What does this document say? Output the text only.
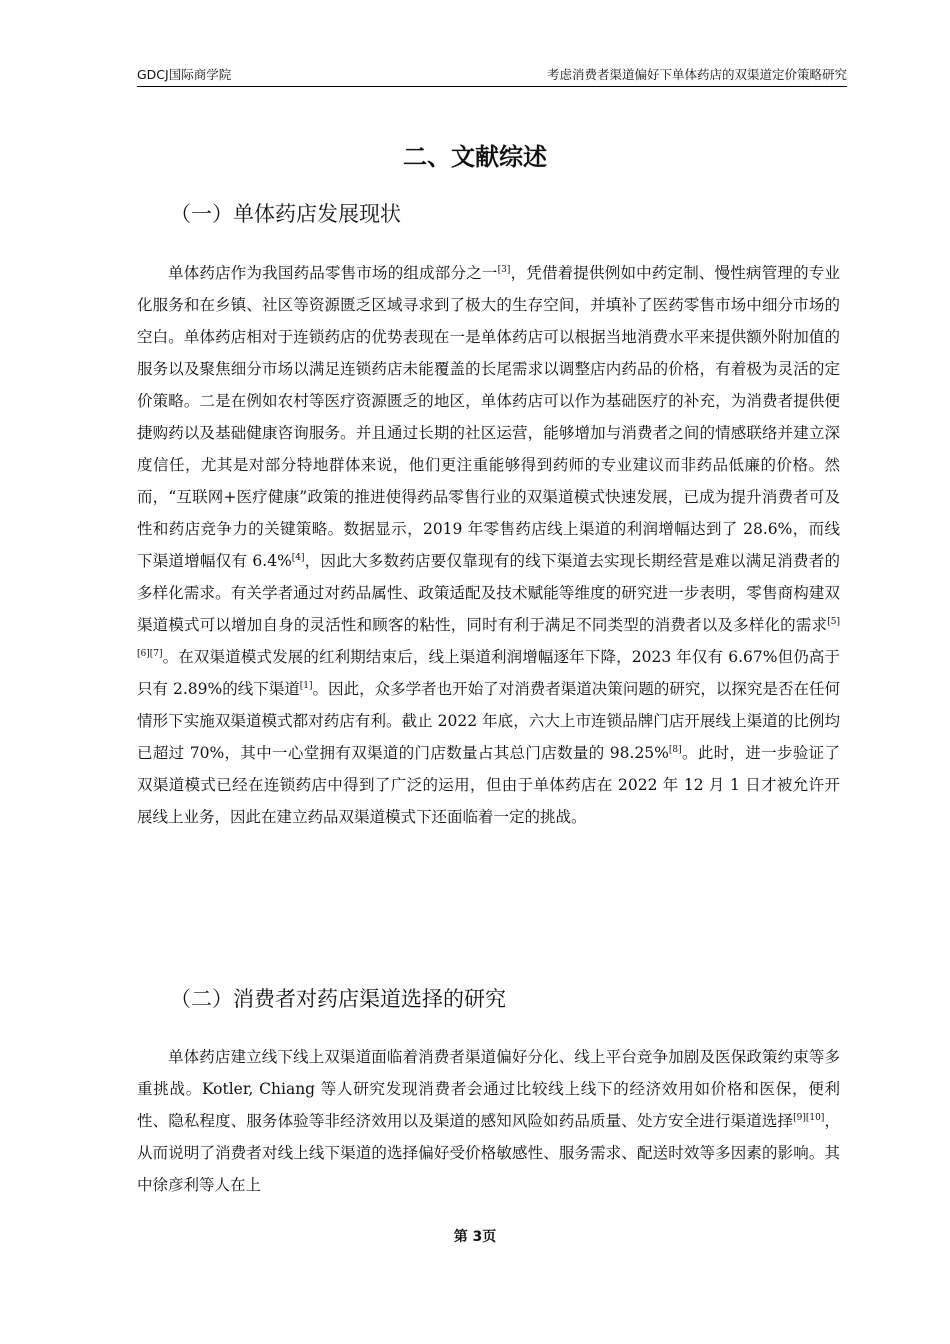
GDCJ国际商学院	考虑消费者渠道偏好下单体药店的双渠道定价策略研究
二、文献综述
（一）单体药店发展现状

单体药店作为我国药品零售市场的组成部分之一[3]，凭借着提供例如中药定制、慢性病管理的专业化服务和在乡镇、社区等资源匮乏区域寻求到了极大的生存空间，并填补了医药零售市场中细分市场的空白。单体药店相对于连锁药店的优势表现在一是单体药店可以根据当地消费水平来提供额外附加值的服务以及聚焦细分市场以满足连锁药店未能覆盖的长尾需求以调整店内药品的价格，有着极为灵活的定价策略。二是在例如农村等医疗资源匮乏的地区，单体药店可以作为基础医疗的补充，为消费者提供便捷购药以及基础健康咨询服务。并且通过长期的社区运营，能够增加与消费者之间的情感联络并建立深度信任，尤其是对部分特地群体来说，他们更注重能够得到药师的专业建议而非药品低廉的价格。然而，“互联网+医疗健康”政策的推进使得药品零售行业的双渠道模式快速发展，已成为提升消费者可及性和药店竞争力的关键策略。数据显示，2019 年零售药店线上渠道的利润增幅达到了 28.6%，而线下渠道增幅仅有 6.4%[4]，因此大多数药店要仅靠现有的线下渠道去实现长期经营是难以满足消费者的多样化需求。有关学者通过对药品属性、政策适配及技术赋能等维度的研究进一步表明，零售商构建双渠道模式可以增加自身的灵活性和顾客的粘性，同时有利于满足不同类型的消费者以及多样化的需求[5][6][7]。在双渠道模式发展的红利期结束后，线上渠道利润增幅逐年下降，2023 年仅有 6.67%但仍高于只有 2.89%的线下渠道[1]。因此，众多学者也开始了对消费者渠道决策问题的研究，以探究是否在任何情形下实施双渠道模式都对药店有利。截止 2022 年底，六大上市连锁品牌门店开展线上渠道的比例均已超过 70%，其中一心堂拥有双渠道的门店数量占其总门店数量的 98.25%[8]。此时，进一步验证了双渠道模式已经在连锁药店中得到了广泛的运用，但由于单体药店在 2022 年 12 月 1 日才被允许开展线上业务，因此在建立药品双渠道模式下还面临着一定的挑战。

（二）消费者对药店渠道选择的研究

单体药店建立线下线上双渠道面临着消费者渠道偏好分化、线上平台竞争加剧及医保政策约束等多重挑战。Kotler, Chiang 等人研究发现消费者会通过比较线上线下的经济效用如价格和医保，便利性、隐私程度、服务体验等非经济效用以及渠道的感知风险如药品质量、处方安全进行渠道选择[9][10]，从而说明了消费者对线上线下渠道的选择偏好受价格敏感性、服务需求、配送时效等多因素的影响。其中徐彦利等人在上

第 3页
